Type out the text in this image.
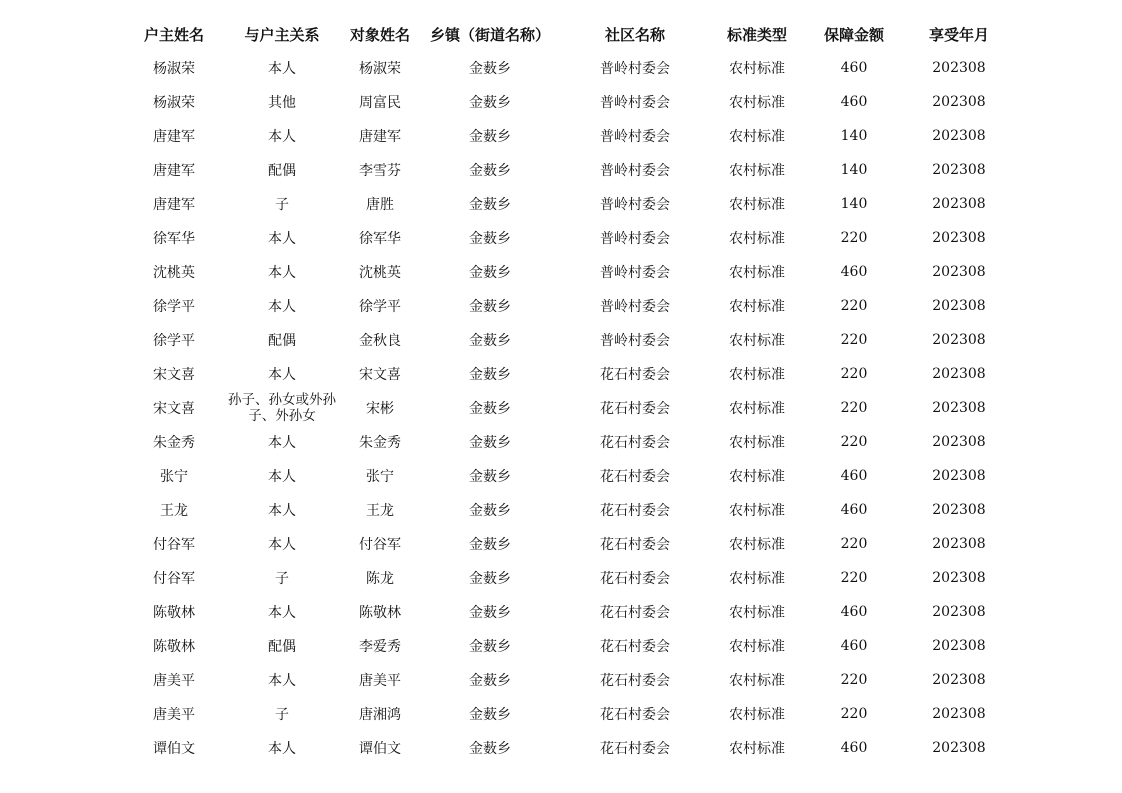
户主姓名	与户主关系	对象姓名	乡镇（街道名称）	社区名称	标准类型	保障金额	享受年月
杨淑荣	本人	杨淑荣	金薮乡	普岭村委会	农村标准	460	202308
杨淑荣	其他	周富民	金薮乡	普岭村委会	农村标准	460	202308
唐建军	本人	唐建军	金薮乡	普岭村委会	农村标准	140	202308
唐建军	配偶	李雪芬	金薮乡	普岭村委会	农村标准	140	202308
唐建军	子	唐胜	金薮乡	普岭村委会	农村标准	140	202308
徐军华	本人	徐军华	金薮乡	普岭村委会	农村标准	220	202308
沈桃英	本人	沈桃英	金薮乡	普岭村委会	农村标准	460	202308
徐学平	本人	徐学平	金薮乡	普岭村委会	农村标准	220	202308
徐学平	配偶	金秋良	金薮乡	普岭村委会	农村标准	220	202308
宋文喜	本人	宋文喜	金薮乡	花石村委会	农村标准	220	202308
宋文喜	孙子、孙女或外孙子、外孙女	宋彬	金薮乡	花石村委会	农村标准	220	202308
朱金秀	本人	朱金秀	金薮乡	花石村委会	农村标准	220	202308
张宁	本人	张宁	金薮乡	花石村委会	农村标准	460	202308
王龙	本人	王龙	金薮乡	花石村委会	农村标准	460	202308
付谷军	本人	付谷军	金薮乡	花石村委会	农村标准	220	202308
付谷军	子	陈龙	金薮乡	花石村委会	农村标准	220	202308
陈敬林	本人	陈敬林	金薮乡	花石村委会	农村标准	460	202308
陈敬林	配偶	李爱秀	金薮乡	花石村委会	农村标准	460	202308
唐美平	本人	唐美平	金薮乡	花石村委会	农村标准	220	202308
唐美平	子	唐湘鸿	金薮乡	花石村委会	农村标准	220	202308
谭伯文	本人	谭伯文	金薮乡	花石村委会	农村标准	460	202308
